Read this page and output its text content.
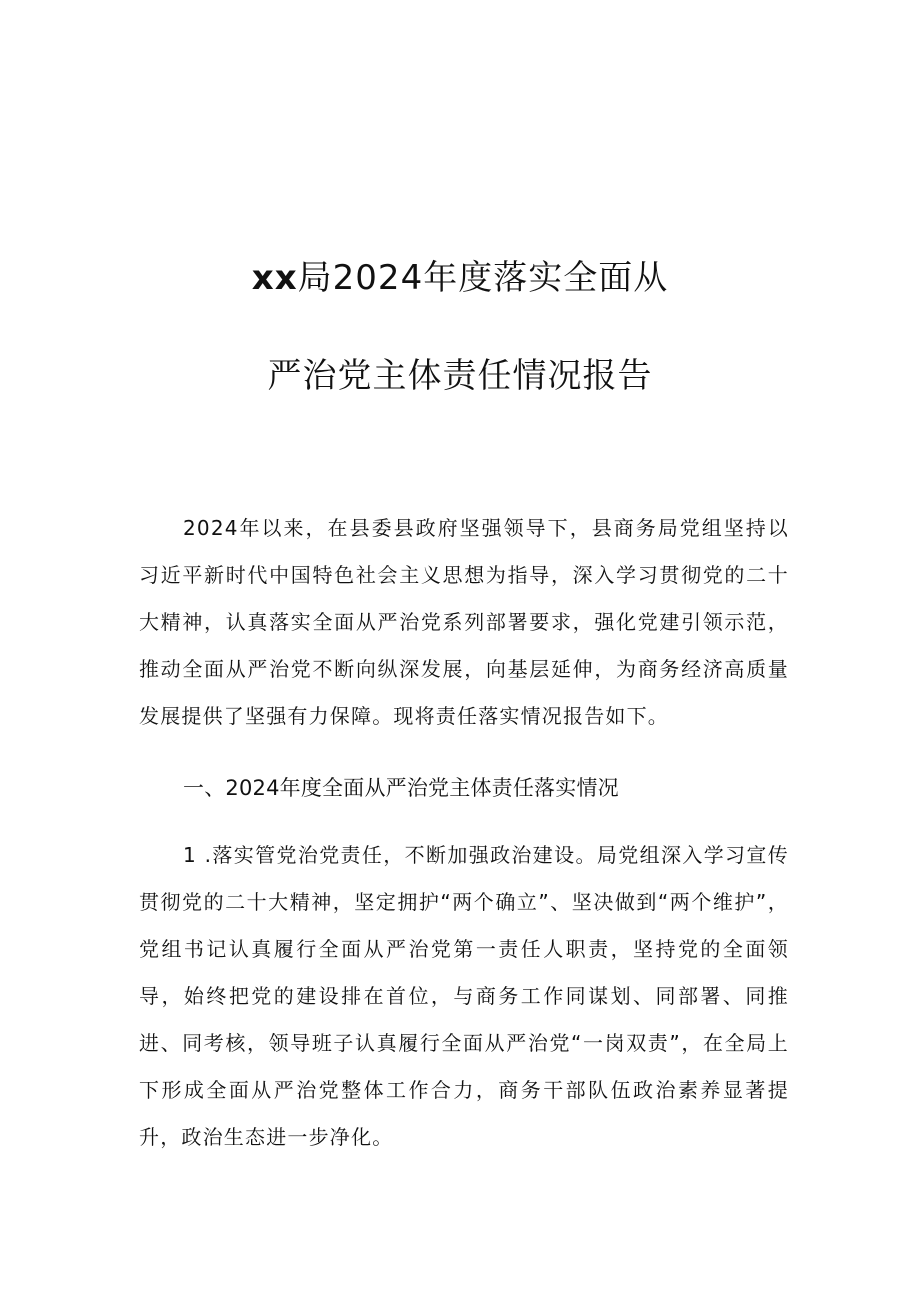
xx局2024年度落实全面从
严治党主体责任情况报告

2024年以来，在县委县政府坚强领导下，县商务局党组坚持以习近平新时代中国特色社会主义思想为指导，深入学习贯彻党的二十大精神，认真落实全面从严治党系列部署要求，强化党建引领示范，推动全面从严治党不断向纵深发展，向基层延伸，为商务经济高质量发展提供了坚强有力保障。现将责任落实情况报告如下。

一、2024年度全面从严治党主体责任落实情况

1 .落实管党治党责任，不断加强政治建设。局党组深入学习宣传贯彻党的二十大精神，坚定拥护“两个确立”、坚决做到“两个维护”，党组书记认真履行全面从严治党第一责任人职责，坚持党的全面领导，始终把党的建设排在首位，与商务工作同谋划、同部署、同推进、同考核，领导班子认真履行全面从严治党“一岗双责”，在全局上下形成全面从严治党整体工作合力，商务干部队伍政治素养显著提升，政治生态进一步净化。
